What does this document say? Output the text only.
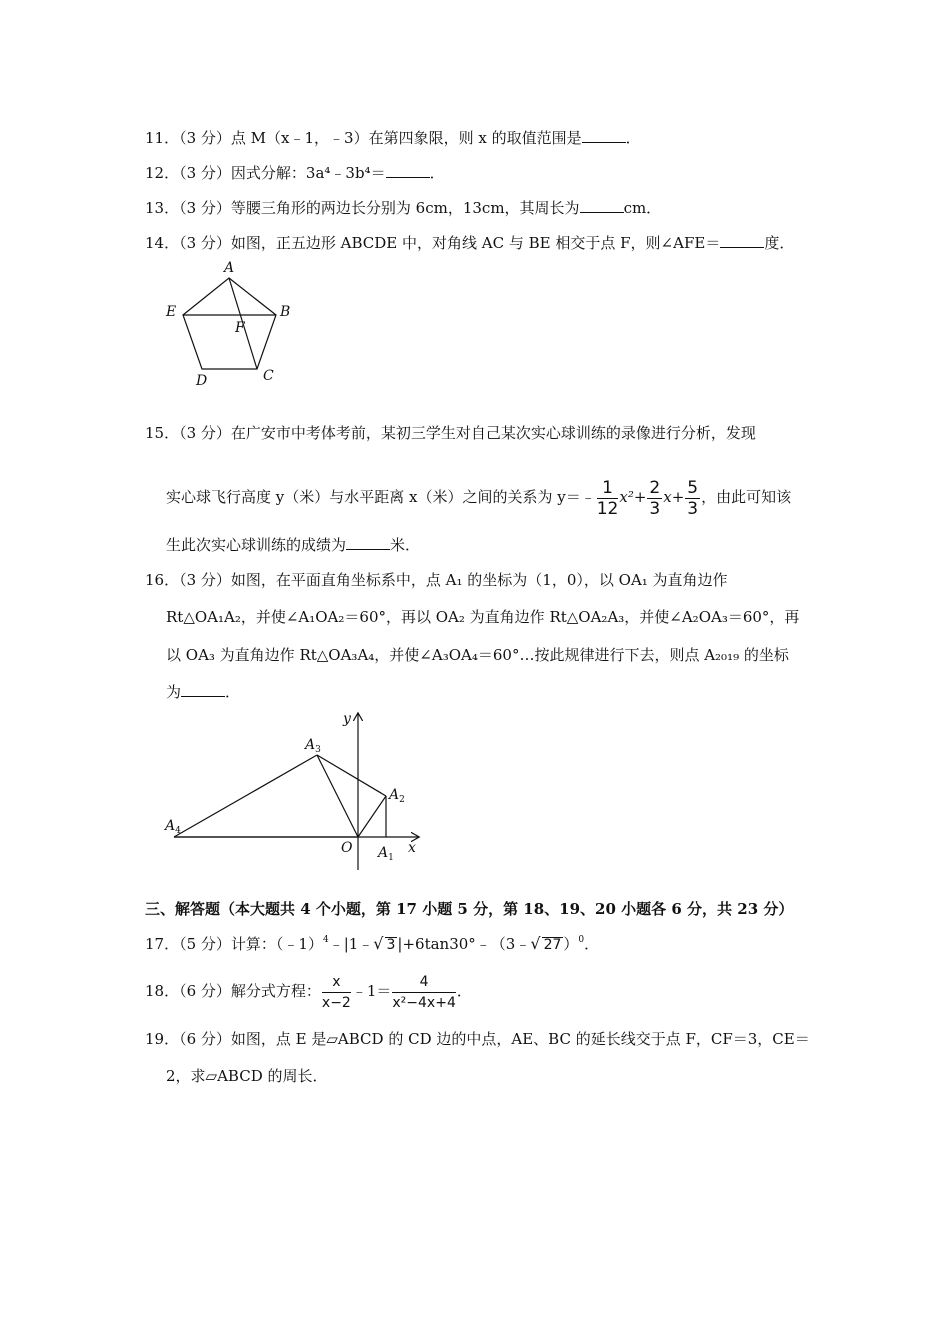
11．（3 分）点 M（x﹣1，﹣3）在第四象限，则 x 的取值范围是	．
12．（3 分）因式分解：3a⁴﹣3b⁴＝	．
13．（3 分）等腰三角形的两边长分别为 6cm，13cm，其周长为	cm．
14．（3 分）如图，正五边形 ABCDE 中，对角线 AC 与 BE 相交于点 F，则∠AFE＝	度．
A
B
C
D
E
F
15．（3 分）在广安市中考体考前，某初三学生对自己某次实心球训练的录像进行分析，发现
实心球飞行高度 y（米）与水平距离 x（米）之间的关系为 y＝﹣ $\frac{1}{12} x^2+ \frac{2}{3} x+ \frac{5}{3}$ ，由此可知该
生此次实心球训练的成绩为	米．
16．（3 分）如图，在平面直角坐标系中，点 A₁ 的坐标为（1，0），以 OA₁ 为直角边作
Rt△OA₁A₂，并使∠A₁OA₂＝60°，再以 OA₂ 为直角边作 Rt△OA₂A₃，并使∠A₂OA₃＝60°，再
以 OA₃ 为直角边作 Rt△OA₃A₄，并使∠A₃OA₄＝60°…按此规律进行下去，则点 A₂₀₁₉ 的坐标
为	．
y
x
O $A_1$
$A_2$
$A_3$
$A_4$
三、解答题（本大题共 4 个小题，第 17 小题 5 分，第 18、19、20 小题各 6 分，共 23 分）
17．（5 分）计算：（﹣1）$^4$﹣|1﹣√ 3 |+6tan30°﹣（3﹣√ 27 ）$^0$．
18．（6 分）解分式方程： $\frac{x}{x-2}$ ﹣1＝ $\frac{4}{\text{x²−4x+4}}$ ．
19．（6 分）如图，点 E 是▱ABCD 的 CD 边的中点，AE、BC 的延长线交于点 F，CF＝3，CE＝
2，求▱ABCD 的周长．
